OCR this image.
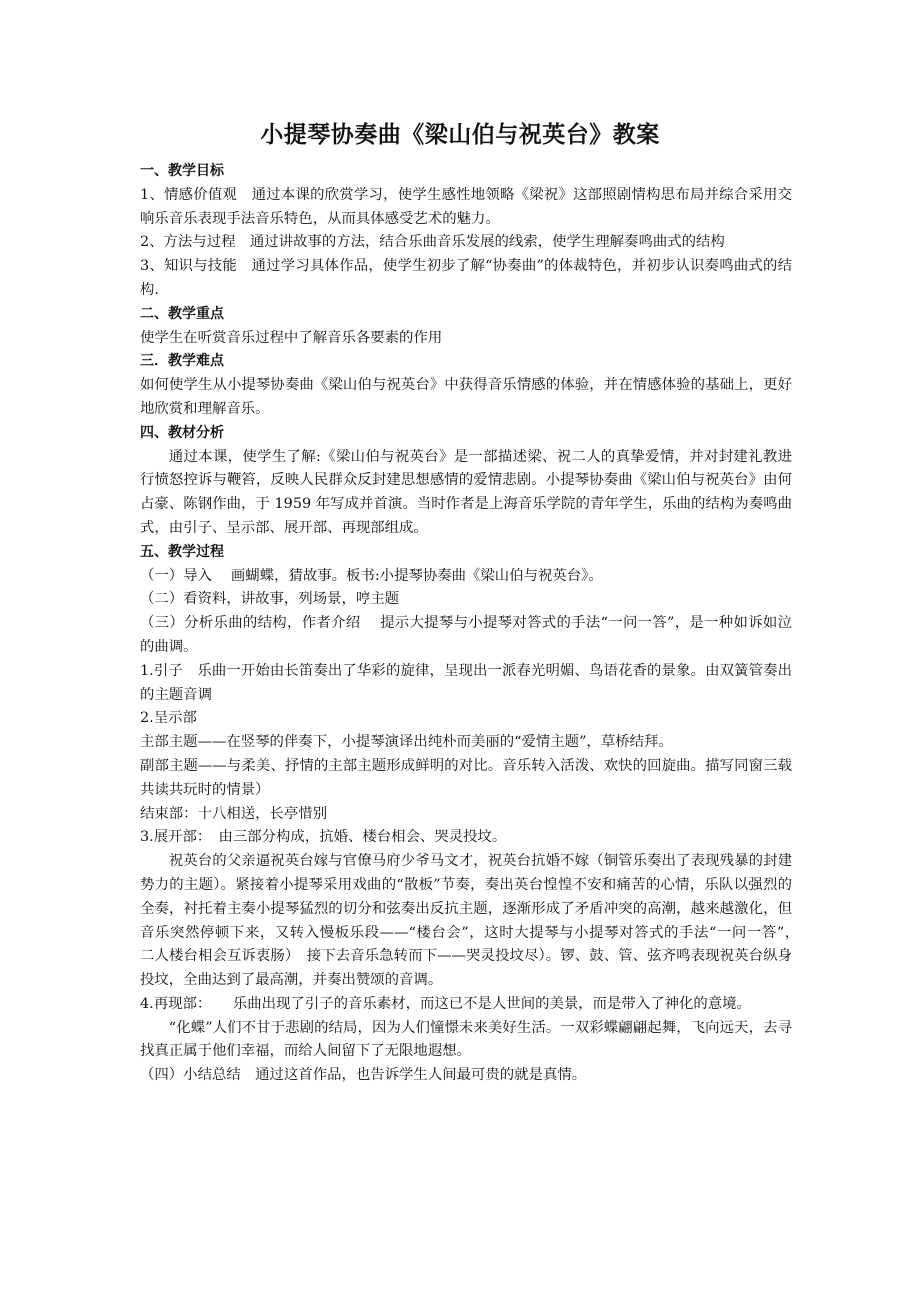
小提琴协奏曲《梁山伯与祝英台》教案

一、教学目标

1、情感价值观　通过本课的欣赏学习，使学生感性地领略《梁祝》这部照剧情构思布局并综合采用交响乐音乐表现手法音乐特色，从而具体感受艺术的魅力。

2、方法与过程　通过讲故事的方法，结合乐曲音乐发展的线索，使学生理解奏鸣曲式的结构

3、知识与技能　通过学习具体作品，使学生初步了解“协奏曲”的体裁特色，并初步认识奏鸣曲式的结构.

二、教学重点

使学生在听赏音乐过程中了解音乐各要素的作用

三．教学难点

如何使学生从小提琴协奏曲《梁山伯与祝英台》中获得音乐情感的体验，并在情感体验的基础上，更好地欣赏和理解音乐。

四、教材分析

通过本课，使学生了解:《梁山伯与祝英台》是一部描述梁、祝二人的真挚爱情，并对封建礼教进行愤怒控诉与鞭笞，反映人民群众反封建思想感情的爱情悲剧。小提琴协奏曲《梁山伯与祝英台》由何占豪、陈钢作曲，于 1959 年写成并首演。当时作者是上海音乐学院的青年学生，乐曲的结构为奏鸣曲式，由引子、呈示部、展开部、再现部组成。

五、教学过程

（一）导入　 画蝴蝶，猜故事。板书:小提琴协奏曲《梁山伯与祝英台》。

（二）看资料，讲故事，列场景，哼主题

（三）分析乐曲的结构，作者介绍　 提示大提琴与小提琴对答式的手法“一问一答”，是一种如诉如泣的曲调。

1.引子　乐曲一开始由长笛奏出了华彩的旋律，呈现出一派春光明媚、鸟语花香的景象。由双簧管奏出的主题音调

2.呈示部

主部主题——在竖琴的伴奏下，小提琴演译出纯朴而美丽的“爱情主题”，草桥结拜。

副部主题——与柔美、抒情的主部主题形成鲜明的对比。音乐转入活泼、欢快的回旋曲。描写同窗三载共读共玩时的情景）

结束部：十八相送，长亭惜别

3.展开部：　由三部分构成，抗婚、楼台相会、哭灵投坟。

祝英台的父亲逼祝英台嫁与官僚马府少爷马文才，祝英台抗婚不嫁（铜管乐奏出了表现残暴的封建势力的主题）。紧接着小提琴采用戏曲的“散板”节奏，奏出英台惶惶不安和痛苦的心情，乐队以强烈的全奏，衬托着主奏小提琴猛烈的切分和弦奏出反抗主题，逐渐形成了矛盾冲突的高潮，越来越激化，但音乐突然停顿下来，又转入慢板乐段——“楼台会”，这时大提琴与小提琴对答式的手法“一问一答”，　二人楼台相会互诉衷肠）　接下去音乐急转而下——哭灵投坟尽）。锣、鼓、管、弦齐鸣表现祝英台纵身投坟，全曲达到了最高潮，并奏出赞颂的音调。

4.再现部：　　乐曲出现了引子的音乐素材，而这已不是人世间的美景，而是带入了神化的意境。

“化蝶”人们不甘于悲剧的结局，因为人们憧憬未来美好生活。一双彩蝶翩翩起舞，飞向远天，去寻找真正属于他们幸福，而给人间留下了无限地遐想。

（四）小结总结　通过这首作品，也告诉学生人间最可贵的就是真情。
